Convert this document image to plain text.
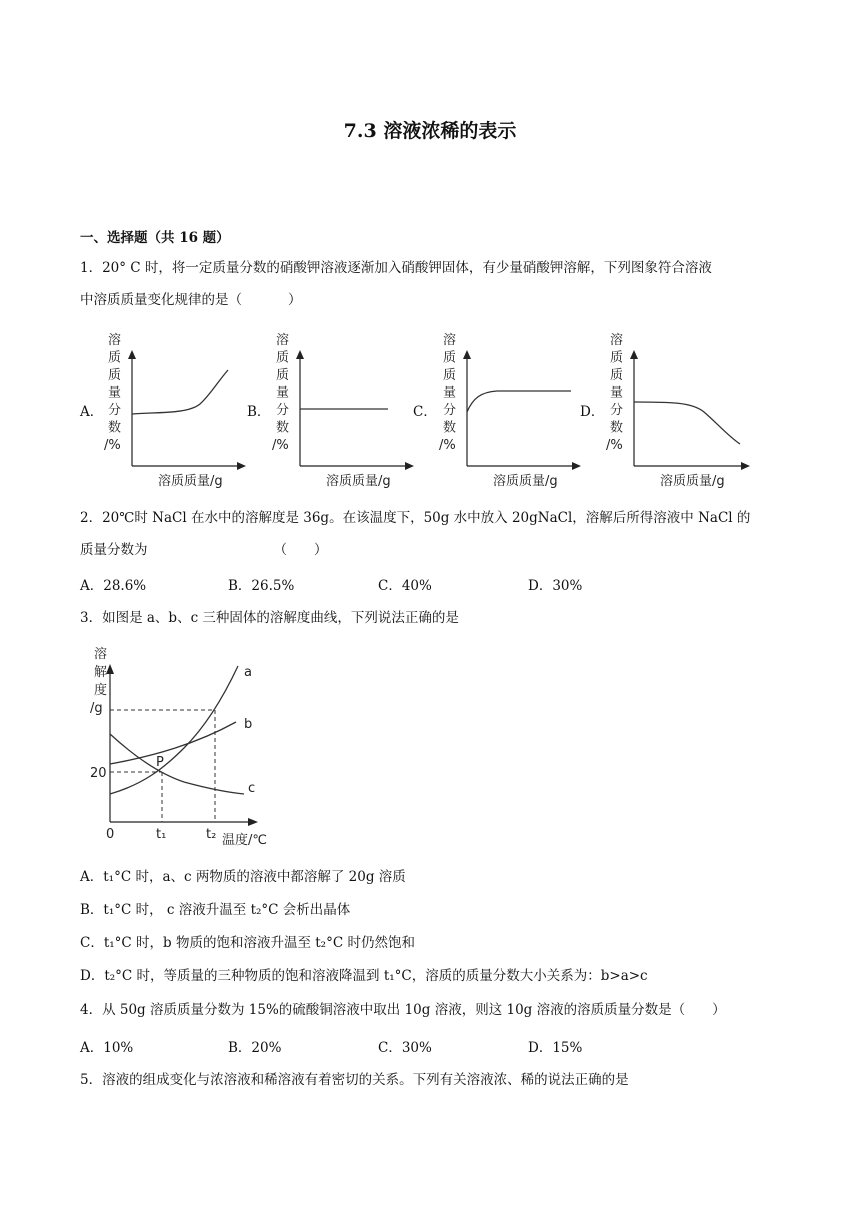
7.3 溶液浓稀的表示
一、选择题（共 16 题）
1．20° C 时，将一定质量分数的硝酸钾溶液逐渐加入硝酸钾固体，有少量硝酸钾溶解，下列图象符合溶液
中溶质质量变化规律的是（	）
A．	B．	C．	D．
溶
质
质
量
分
数
/%
溶质质量/g
溶
质
质
量
分
数
/%
溶质质量/g
溶
质
质
量
分
数
/%
溶质质量/g
溶
质
质
量
分
数
/%
溶质质量/g
2．20℃时 NaCl 在水中的溶解度是 36g。在该温度下，50g 水中放入 20gNaCl，溶解后所得溶液中 NaCl 的
质量分数为	（　　）
A．28.6%	B．26.5%	C．40%	D．30%
3．如图是 a、b、c 三种固体的溶解度曲线，下列说法正确的是
溶
解
度
/g
a
b
c
P
20
0	t₁	t₂ 温度/℃
A．t₁°C 时，a、c 两物质的溶液中都溶解了 20g 溶质
B．t₁°C 时， c 溶液升温至 t₂°C 会析出晶体
C．t₁°C 时，b 物质的饱和溶液升温至 t₂°C 时仍然饱和
D．t₂°C 时，等质量的三种物质的饱和溶液降温到 t₁°C，溶质的质量分数大小关系为：b>a>c
4．从 50g 溶质质量分数为 15%的硫酸铜溶液中取出 10g 溶液，则这 10g 溶液的溶质质量分数是（　　）
A．10%	B．20%	C．30%	D．15%
5．溶液的组成变化与浓溶液和稀溶液有着密切的关系。下列有关溶液浓、稀的说法正确的是
